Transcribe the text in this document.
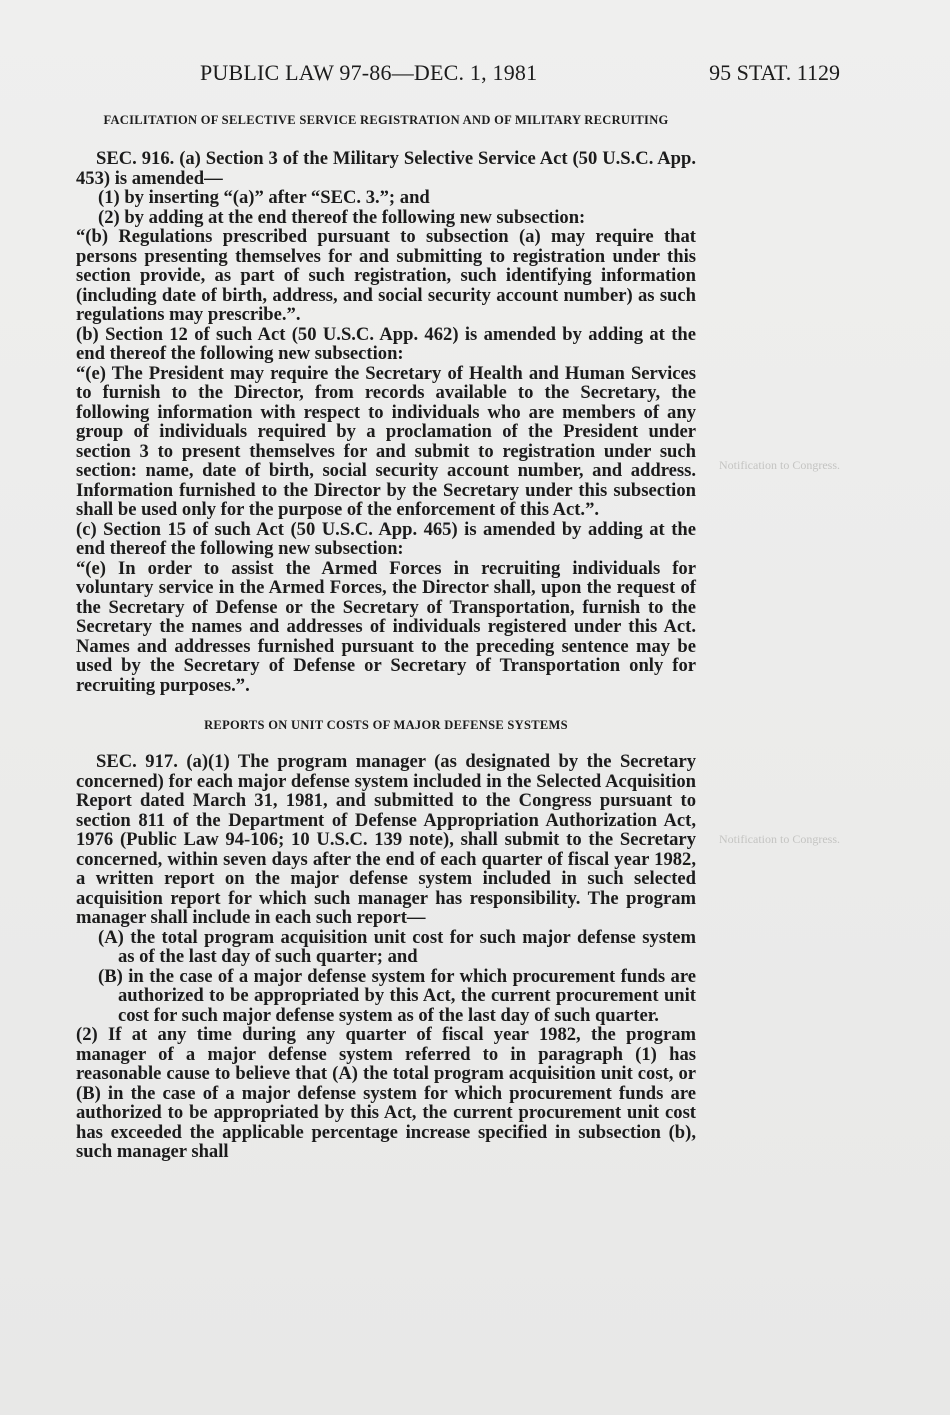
PUBLIC LAW 97-86—DEC. 1, 1981	95 STAT. 1129
Notification to Congress.
Notification to Congress.
FACILITATION OF SELECTIVE SERVICE REGISTRATION AND OF MILITARY RECRUITING

SEC. 916. (a) Section 3 of the Military Selective Service Act (50 U.S.C. App. 453) is amended—

(1) by inserting “(a)” after “SEC. 3.”; and

(2) by adding at the end thereof the following new subsection:

“(b) Regulations prescribed pursuant to subsection (a) may require that persons presenting themselves for and submitting to registration under this section provide, as part of such registration, such identifying information (including date of birth, address, and social security account number) as such regulations may prescribe.”.

(b) Section 12 of such Act (50 U.S.C. App. 462) is amended by adding at the end thereof the following new subsection:

“(e) The President may require the Secretary of Health and Human Services to furnish to the Director, from records available to the Secretary, the following information with respect to individuals who are members of any group of individuals required by a proclamation of the President under section 3 to present themselves for and submit to registration under such section: name, date of birth, social security account number, and address. Information furnished to the Director by the Secretary under this subsection shall be used only for the purpose of the enforcement of this Act.”.

(c) Section 15 of such Act (50 U.S.C. App. 465) is amended by adding at the end thereof the following new subsection:

“(e) In order to assist the Armed Forces in recruiting individuals for voluntary service in the Armed Forces, the Director shall, upon the request of the Secretary of Defense or the Secretary of Transportation, furnish to the Secretary the names and addresses of individuals registered under this Act. Names and addresses furnished pursuant to the preceding sentence may be used by the Secretary of Defense or Secretary of Transportation only for recruiting purposes.”.

REPORTS ON UNIT COSTS OF MAJOR DEFENSE SYSTEMS

SEC. 917. (a)(1) The program manager (as designated by the Secretary concerned) for each major defense system included in the Selected Acquisition Report dated March 31, 1981, and submitted to the Congress pursuant to section 811 of the Department of Defense Appropriation Authorization Act, 1976 (Public Law 94-106; 10 U.S.C. 139 note), shall submit to the Secretary concerned, within seven days after the end of each quarter of fiscal year 1982, a written report on the major defense system included in such selected acquisition report for which such manager has responsibility. The program manager shall include in each such report—

(A) the total program acquisition unit cost for such major defense system as of the last day of such quarter; and

(B) in the case of a major defense system for which procurement funds are authorized to be appropriated by this Act, the current procurement unit cost for such major defense system as of the last day of such quarter.

(2) If at any time during any quarter of fiscal year 1982, the program manager of a major defense system referred to in paragraph (1) has reasonable cause to believe that (A) the total program acquisition unit cost, or (B) in the case of a major defense system for which procurement funds are authorized to be appropriated by this Act, the current procurement unit cost has exceeded the applicable percentage increase specified in subsection (b), such manager shall
